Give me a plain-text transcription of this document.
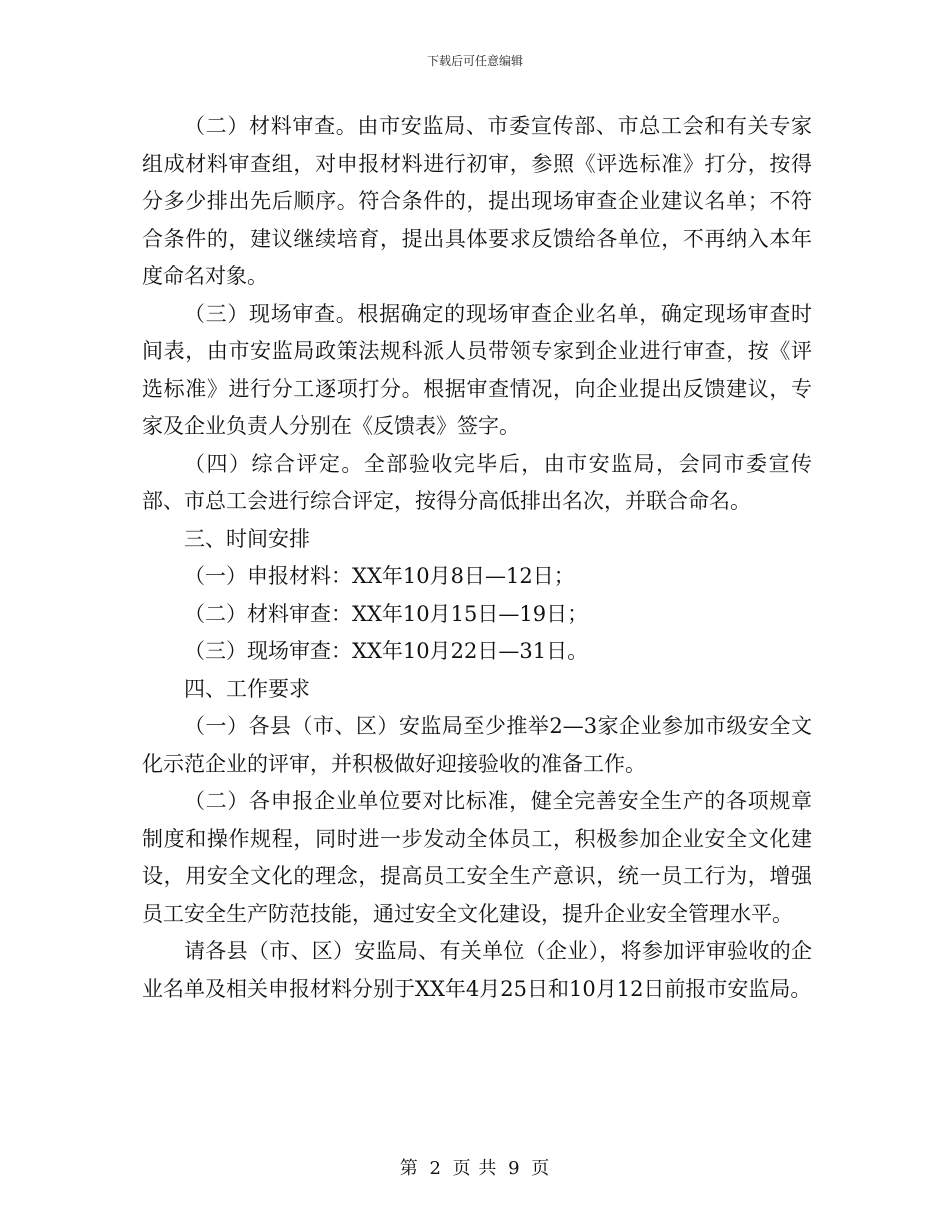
下载后可任意编辑

（二）材料审查。由市安监局、市委宣传部、市总工会和有关专家组成材料审查组，对申报材料进行初审，参照《评选标准》打分，按得分多少排出先后顺序。符合条件的，提出现场审查企业建议名单；不符合条件的，建议继续培育，提出具体要求反馈给各单位，不再纳入本年度命名对象。

（三）现场审查。根据确定的现场审查企业名单，确定现场审查时间表，由市安监局政策法规科派人员带领专家到企业进行审查，按《评选标准》进行分工逐项打分。根据审查情况，向企业提出反馈建议，专家及企业负责人分别在《反馈表》签字。

（四）综合评定。全部验收完毕后，由市安监局，会同市委宣传部、市总工会进行综合评定，按得分高低排出名次，并联合命名。

三、时间安排

（一）申报材料：XX年10月8日—12日；

（二）材料审查：XX年10月15日—19日；

（三）现场审查：XX年10月22日—31日。

四、工作要求

（一）各县（市、区）安监局至少推举2—3家企业参加市级安全文化示范企业的评审，并积极做好迎接验收的准备工作。

（二）各申报企业单位要对比标准，健全完善安全生产的各项规章制度和操作规程，同时进一步发动全体员工，积极参加企业安全文化建设，用安全文化的理念，提高员工安全生产意识，统一员工行为，增强员工安全生产防范技能，通过安全文化建设，提升企业安全管理水平。

请各县（市、区）安监局、有关单位（企业），将参加评审验收的企业名单及相关申报材料分别于XX年4月25日和10月12日前报市安监局。

第 2 页 共 9 页
